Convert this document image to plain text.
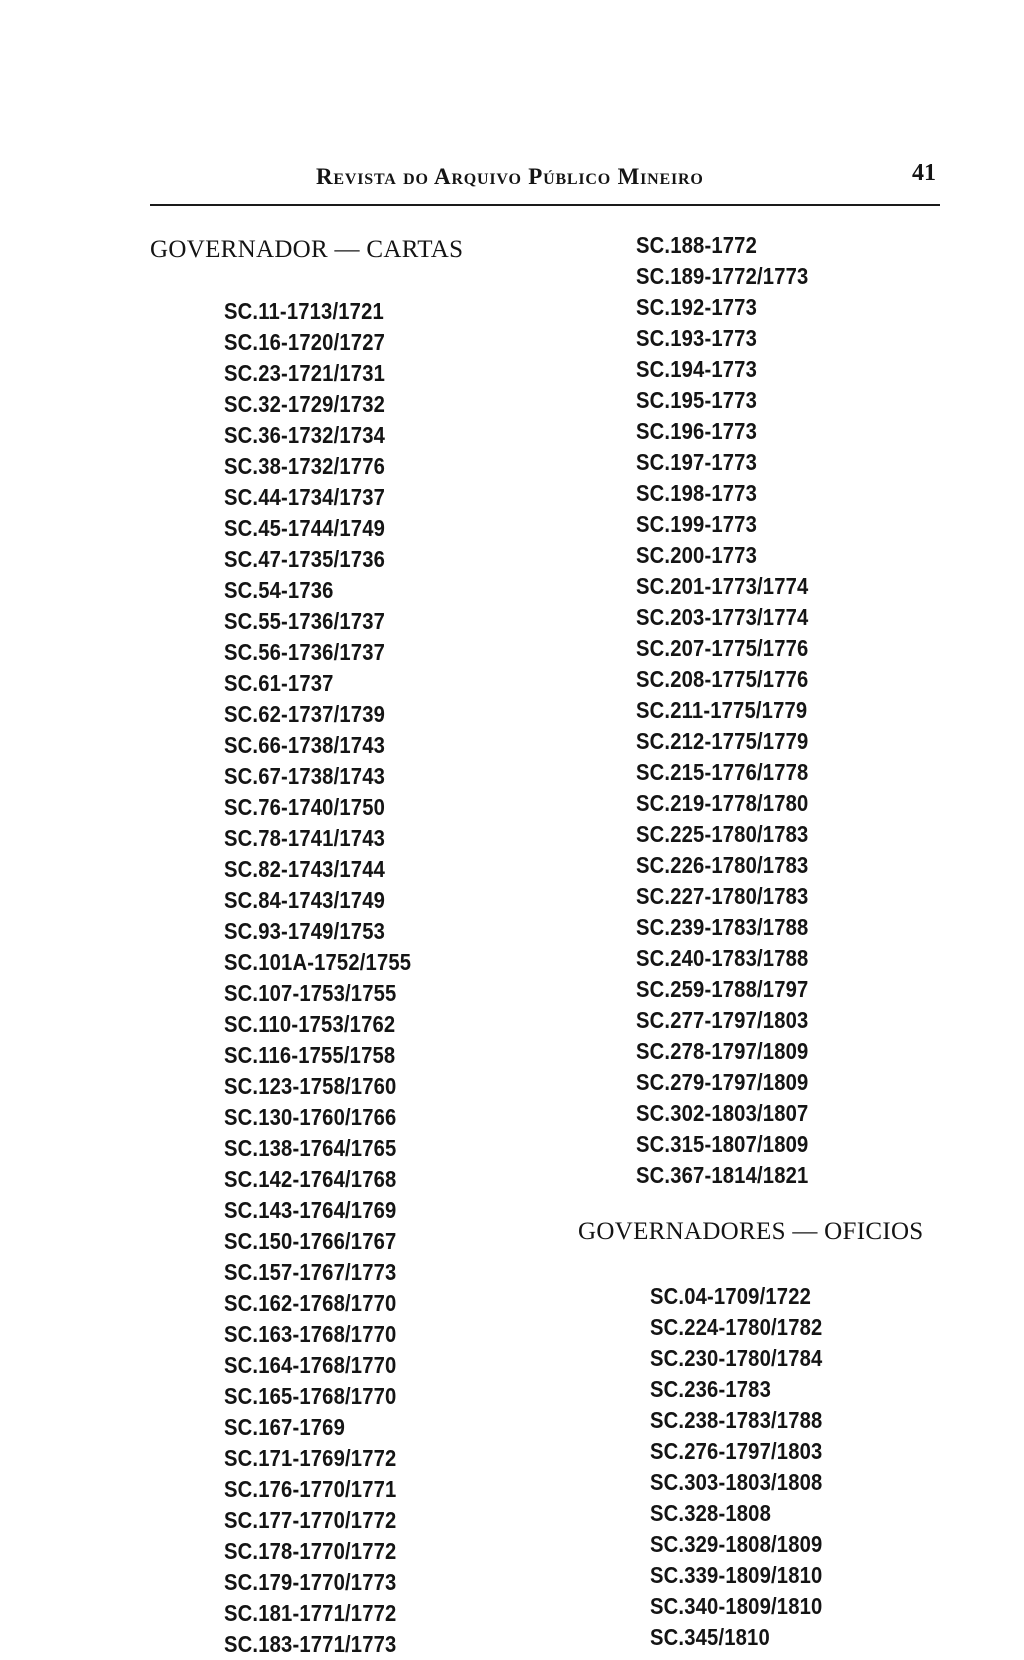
Revista do Arquivo Público Mineiro	41
GOVERNADOR — CARTAS
SC.11-1713/1721
SC.16-1720/1727
SC.23-1721/1731
SC.32-1729/1732
SC.36-1732/1734
SC.38-1732/1776
SC.44-1734/1737
SC.45-1744/1749
SC.47-1735/1736
SC.54-1736
SC.55-1736/1737
SC.56-1736/1737
SC.61-1737
SC.62-1737/1739
SC.66-1738/1743
SC.67-1738/1743
SC.76-1740/1750
SC.78-1741/1743
SC.82-1743/1744
SC.84-1743/1749
SC.93-1749/1753
SC.101A-1752/1755
SC.107-1753/1755
SC.110-1753/1762
SC.116-1755/1758
SC.123-1758/1760
SC.130-1760/1766
SC.138-1764/1765
SC.142-1764/1768
SC.143-1764/1769
SC.150-1766/1767
SC.157-1767/1773
SC.162-1768/1770
SC.163-1768/1770
SC.164-1768/1770
SC.165-1768/1770
SC.167-1769
SC.171-1769/1772
SC.176-1770/1771
SC.177-1770/1772
SC.178-1770/1772
SC.179-1770/1773
SC.181-1771/1772
SC.183-1771/1773
SC.188-1772
SC.189-1772/1773
SC.192-1773
SC.193-1773
SC.194-1773
SC.195-1773
SC.196-1773
SC.197-1773
SC.198-1773
SC.199-1773
SC.200-1773
SC.201-1773/1774
SC.203-1773/1774
SC.207-1775/1776
SC.208-1775/1776
SC.211-1775/1779
SC.212-1775/1779
SC.215-1776/1778
SC.219-1778/1780
SC.225-1780/1783
SC.226-1780/1783
SC.227-1780/1783
SC.239-1783/1788
SC.240-1783/1788
SC.259-1788/1797
SC.277-1797/1803
SC.278-1797/1809
SC.279-1797/1809
SC.302-1803/1807
SC.315-1807/1809
SC.367-1814/1821
GOVERNADORES — OFICIOS
SC.04-1709/1722
SC.224-1780/1782
SC.230-1780/1784
SC.236-1783
SC.238-1783/1788
SC.276-1797/1803
SC.303-1803/1808
SC.328-1808
SC.329-1808/1809
SC.339-1809/1810
SC.340-1809/1810
SC.345/1810
